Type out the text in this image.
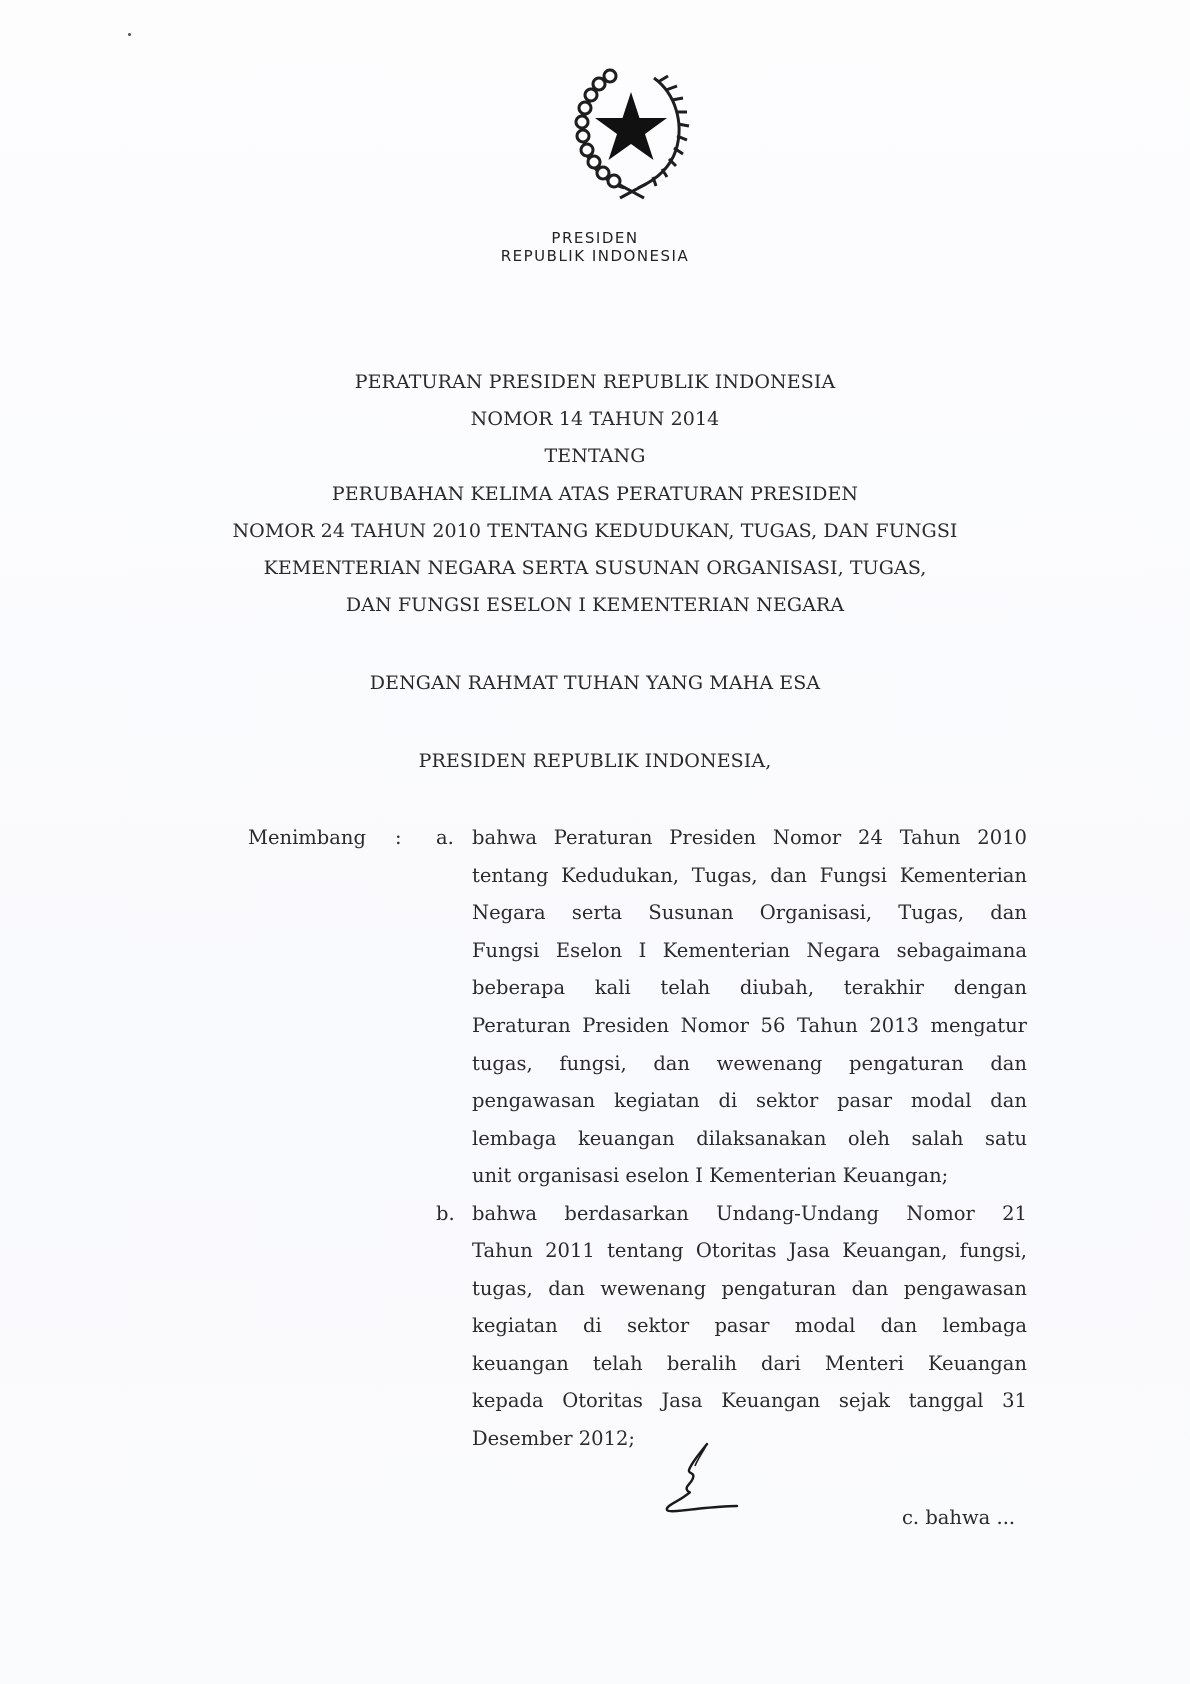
PRESIDEN
REPUBLIK INDONESIA
PERATURAN PRESIDEN REPUBLIK INDONESIA
NOMOR 14 TAHUN 2014
TENTANG
PERUBAHAN KELIMA ATAS PERATURAN PRESIDEN
NOMOR 24 TAHUN 2010 TENTANG KEDUDUKAN, TUGAS, DAN FUNGSI
KEMENTERIAN NEGARA SERTA SUSUNAN ORGANISASI, TUGAS,
DAN FUNGSI ESELON I KEMENTERIAN NEGARA
DENGAN RAHMAT TUHAN YANG MAHA ESA
PRESIDEN REPUBLIK INDONESIA,
Menimbang : a. bahwa Peraturan Presiden Nomor 24 Tahun 2010
tentang Kedudukan, Tugas, dan Fungsi Kementerian
Negara serta Susunan Organisasi, Tugas, dan
Fungsi Eselon I Kementerian Negara sebagaimana
beberapa kali telah diubah, terakhir dengan
Peraturan Presiden Nomor 56 Tahun 2013 mengatur
tugas, fungsi, dan wewenang pengaturan dan
pengawasan kegiatan di sektor pasar modal dan
lembaga keuangan dilaksanakan oleh salah satu
unit organisasi eselon I Kementerian Keuangan;
b. bahwa berdasarkan Undang-Undang Nomor 21
Tahun 2011 tentang Otoritas Jasa Keuangan, fungsi,
tugas, dan wewenang pengaturan dan pengawasan
kegiatan di sektor pasar modal dan lembaga
keuangan telah beralih dari Menteri Keuangan
kepada Otoritas Jasa Keuangan sejak tanggal 31
Desember 2012;
c. bahwa ...
